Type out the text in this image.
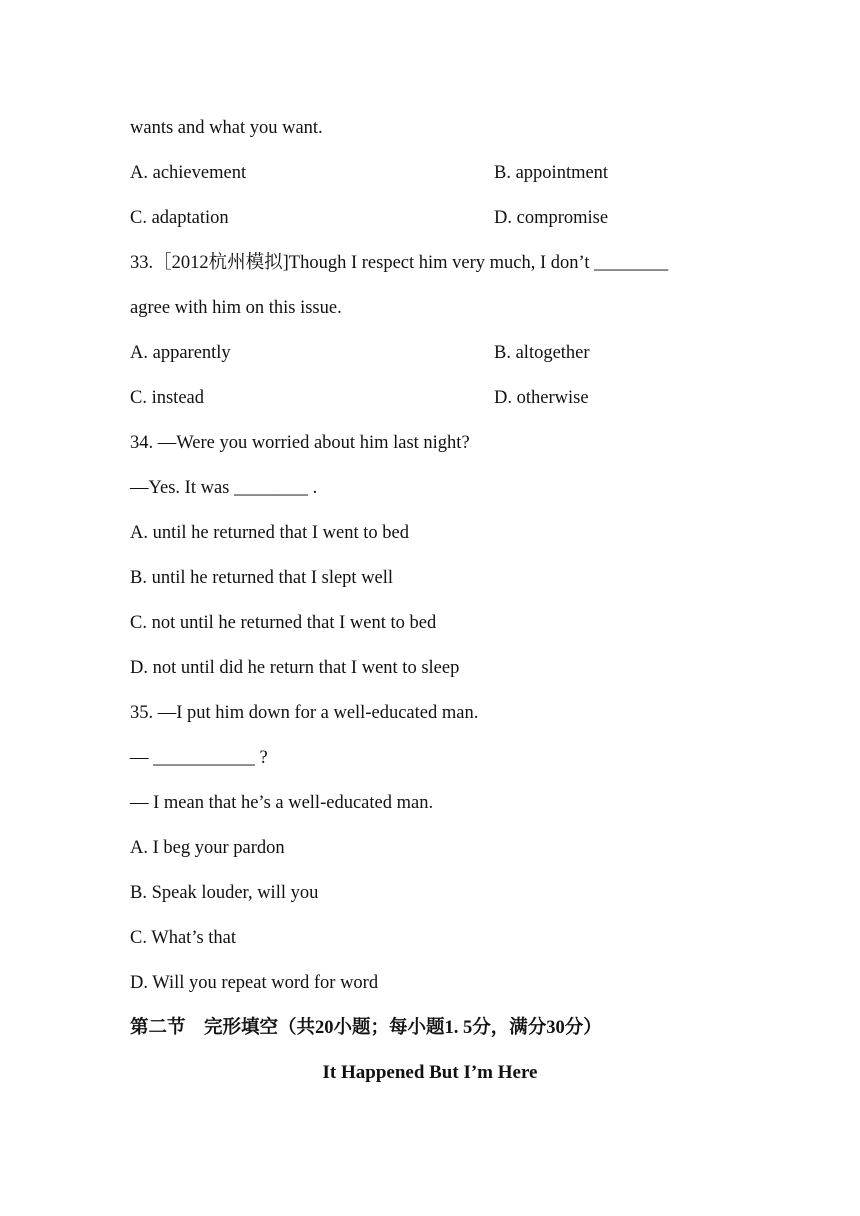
wants and what you want.
A. achievement	B. appointment
C. adaptation	D. compromise
33.［2012杭州模拟]Though I respect him very much, I don’t ________
agree with him on this issue.
A. apparently	B. altogether
C. instead	D. otherwise
34. —Were you worried about him last night?
—Yes. It was ________ .
A. until he returned that I went to bed
B. until he returned that I slept well
C. not until he returned that I went to bed
D. not until did he return that I went to sleep
35. —I put him down for a well-educated man.
— ___________ ?
— I mean that he’s a well-educated man.
A. I beg your pardon
B. Speak louder, will you
C. What’s that
D. Will you repeat word for word
第二节　完形填空（共20小题；每小题1. 5分，满分30分）
It Happened But I’m Here
